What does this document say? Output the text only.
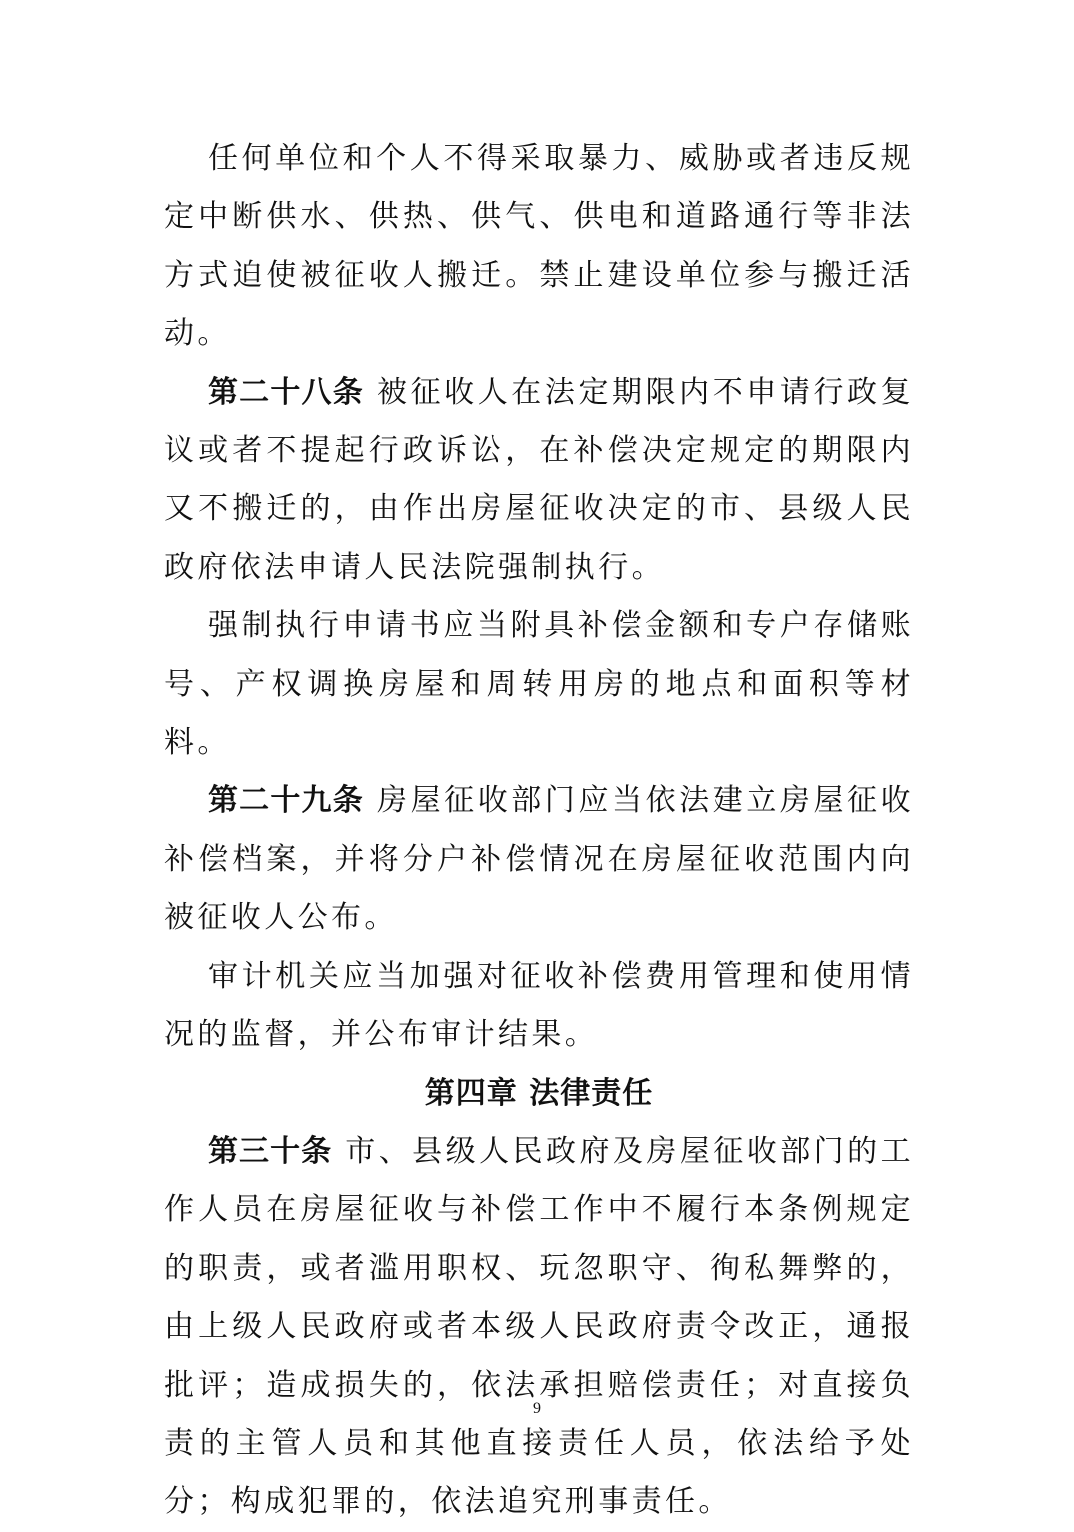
任何单位和个人不得采取暴力、威胁或者违反规定中断供水、供热、供气、供电和道路通行等非法方式迫使被征收人搬迁。禁止建设单位参与搬迁活动。

第二十八条 被征收人在法定期限内不申请行政复议或者不提起行政诉讼，在补偿决定规定的期限内又不搬迁的，由作出房屋征收决定的市、县级人民政府依法申请人民法院强制执行。

强制执行申请书应当附具补偿金额和专户存储账号、产权调换房屋和周转用房的地点和面积等材料。

第二十九条 房屋征收部门应当依法建立房屋征收补偿档案，并将分户补偿情况在房屋征收范围内向被征收人公布。

审计机关应当加强对征收补偿费用管理和使用情况的监督，并公布审计结果。

第四章 法律责任

第三十条 市、县级人民政府及房屋征收部门的工作人员在房屋征收与补偿工作中不履行本条例规定的职责，或者滥用职权、玩忽职守、徇私舞弊的，由上级人民政府或者本级人民政府责令改正，通报批评；造成损失的，依法承担赔偿责任；对直接负责的主管人员和其他直接责任人员，依法给予处分；构成犯罪的，依法追究刑事责任。

9
